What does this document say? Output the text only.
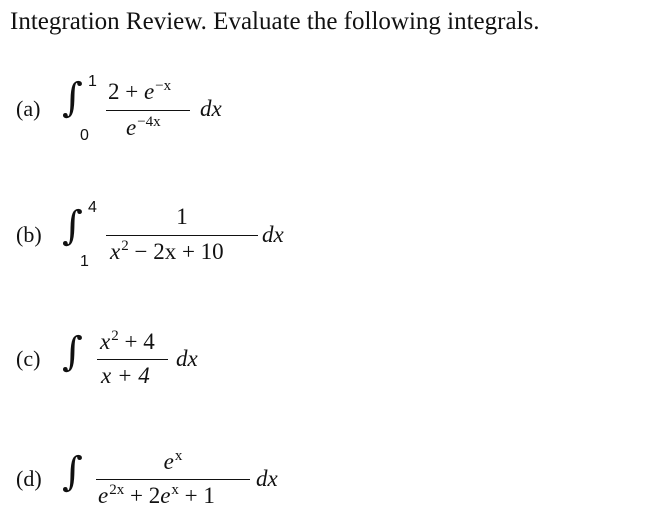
Integration Review. Evaluate the following integrals.
(a) ∫ 1
0
$2 + e^{-x}$
$e^{-4x}$
dx
(b) ∫ 4
1
1
$x^2 - 2x + 10$
dx
(c) ∫ $x^2 + 4$
x + 4
dx
(d) ∫	$e^x$
$e^{2x} + 2e^x + 1$
dx
